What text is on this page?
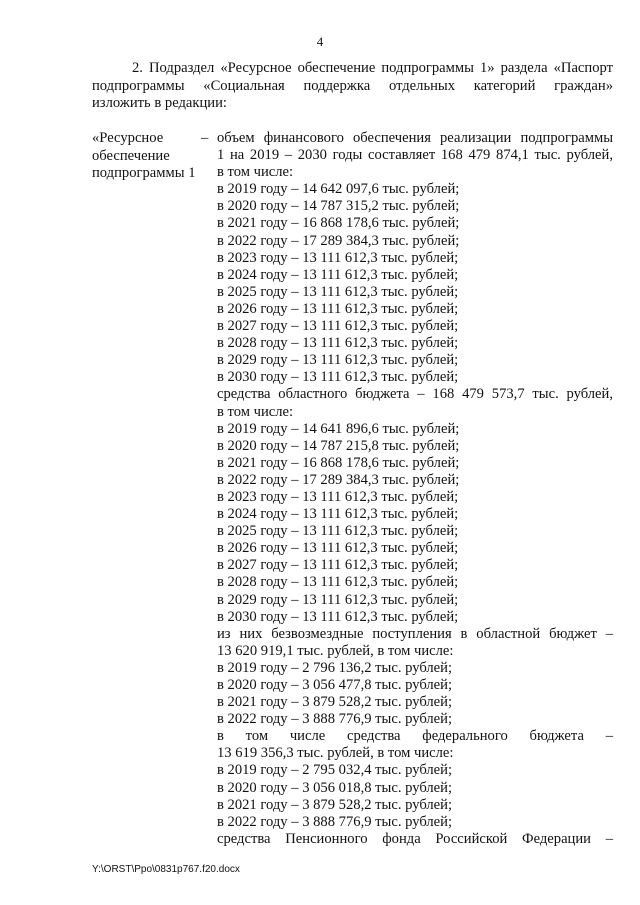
4
2. Подраздел «Ресурсное обеспечение подпрограммы 1» раздела «Паспорт
подпрограммы «Социальная поддержка отдельных категорий граждан»
изложить в редакции:
«Ресурсное
обеспечение
подпрограммы 1
– объем финансового обеспечения реализации подпрограммы
1 на 2019 – 2030 годы составляет 168 479 874,1 тыс. рублей,
в том числе:
в 2019 году – 14 642 097,6 тыс. рублей;
в 2020 году – 14 787 315,2 тыс. рублей;
в 2021 году – 16 868 178,6 тыс. рублей;
в 2022 году – 17 289 384,3 тыс. рублей;
в 2023 году – 13 111 612,3 тыс. рублей;
в 2024 году – 13 111 612,3 тыс. рублей;
в 2025 году – 13 111 612,3 тыс. рублей;
в 2026 году – 13 111 612,3 тыс. рублей;
в 2027 году – 13 111 612,3 тыс. рублей;
в 2028 году – 13 111 612,3 тыс. рублей;
в 2029 году – 13 111 612,3 тыс. рублей;
в 2030 году – 13 111 612,3 тыс. рублей;
средства областного бюджета – 168 479 573,7 тыс. рублей,
в том числе:
в 2019 году – 14 641 896,6 тыс. рублей;
в 2020 году – 14 787 215,8 тыс. рублей;
в 2021 году – 16 868 178,6 тыс. рублей;
в 2022 году – 17 289 384,3 тыс. рублей;
в 2023 году – 13 111 612,3 тыс. рублей;
в 2024 году – 13 111 612,3 тыс. рублей;
в 2025 году – 13 111 612,3 тыс. рублей;
в 2026 году – 13 111 612,3 тыс. рублей;
в 2027 году – 13 111 612,3 тыс. рублей;
в 2028 году – 13 111 612,3 тыс. рублей;
в 2029 году – 13 111 612,3 тыс. рублей;
в 2030 году – 13 111 612,3 тыс. рублей;
из них безвозмездные поступления в областной бюджет –
13 620 919,1 тыс. рублей, в том числе:
в 2019 году – 2 796 136,2 тыс. рублей;
в 2020 году – 3 056 477,8 тыс. рублей;
в 2021 году – 3 879 528,2 тыс. рублей;
в 2022 году – 3 888 776,9 тыс. рублей;
в том числе средства федерального бюджета –
13 619 356,3 тыс. рублей, в том числе:
в 2019 году – 2 795 032,4 тыс. рублей;
в 2020 году – 3 056 018,8 тыс. рублей;
в 2021 году – 3 879 528,2 тыс. рублей;
в 2022 году – 3 888 776,9 тыс. рублей;
средства Пенсионного фонда Российской Федерации –
Y:\ORST\Ppo\0831p767.f20.docx
